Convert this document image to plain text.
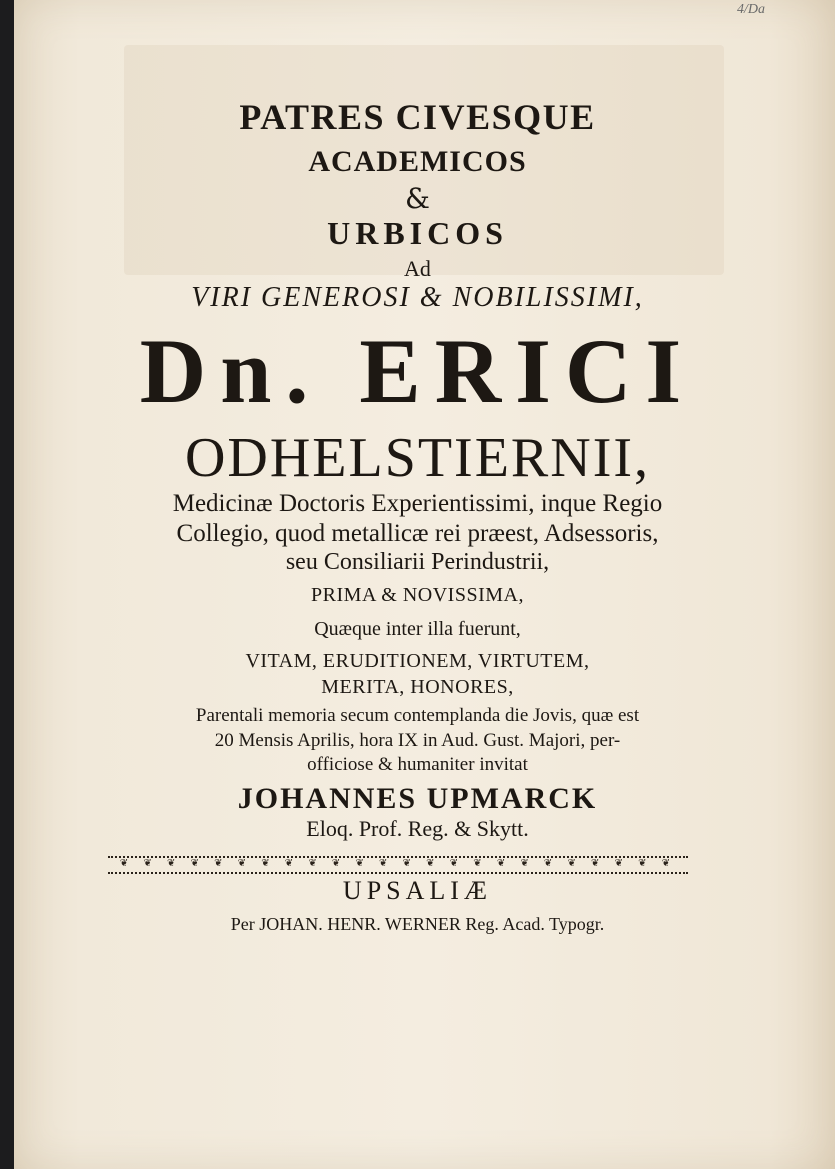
4/Da

PATRES CIVESQUE

ACADEMICOS

&

URBICOS

Ad

VIRI GENEROSI & NOBILISSIMI,

Dn. ERICI

ODHELSTIERNII,

Medicinæ Doctoris Experientissimi, inque Regio

Collegio, quod metallicæ rei præest, Adsessoris,

seu Consiliarii Perindustrii,

PRIMA & NOVISSIMA,

Quæque inter illa fuerunt,

VITAM, ERUDITIONEM, VIRTUTEM,

MERITA, HONORES,

Parentali memoria secum contemplanda die Jovis, quæ est

20 Mensis Aprilis, hora IX in Aud. Gust. Majori, per-

officiose & humaniter invitat

JOHANNES UPMARCK

Eloq. Prof. Reg. & Skytt.

❦ ❦ ❦ ❦ ❦ ❦ ❦ ❦ ❦ ❦ ❦ ❦ ❦ ❦ ❦ ❦ ❦ ❦ ❦ ❦ ❦ ❦ ❦ ❦

UPSALIÆ

Per JOHAN. HENR. WERNER Reg. Acad. Typogr.
